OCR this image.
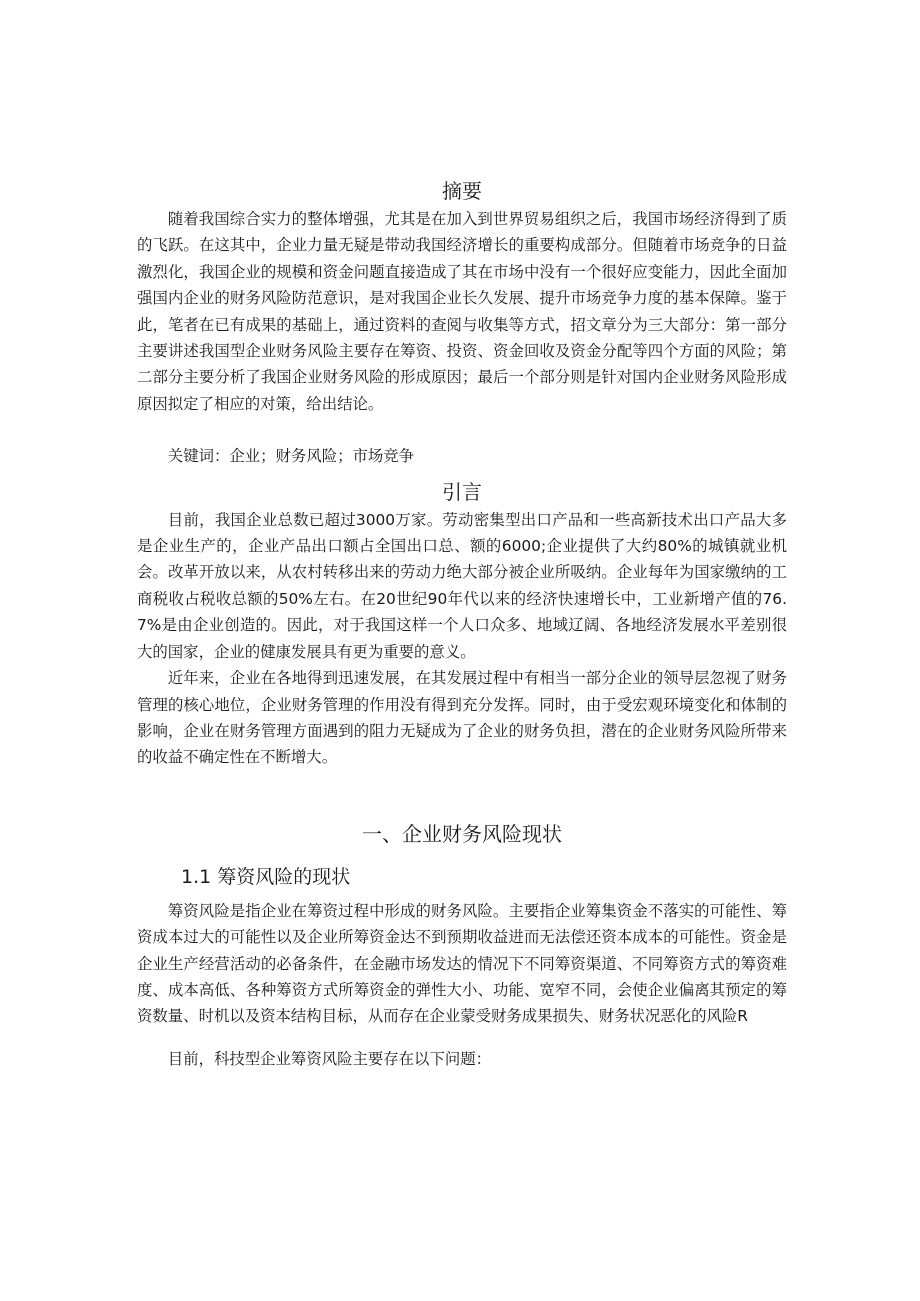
摘要

随着我国综合实力的整体增强，尤其是在加入到世界贸易组织之后，我国市场经济得到了质的飞跃。在这其中，企业力量无疑是带动我国经济增长的重要构成部分。但随着市场竞争的日益激烈化，我国企业的规模和资金问题直接造成了其在市场中没有一个很好应变能力，因此全面加强国内企业的财务风险防范意识，是对我国企业长久发展、提升市场竞争力度的基本保障。鉴于此，笔者在已有成果的基础上，通过资料的查阅与收集等方式，招文章分为三大部分：第一部分主要讲述我国型企业财务风险主要存在筹资、投资、资金回收及资金分配等四个方面的风险；第二部分主要分析了我国企业财务风险的形成原因；最后一个部分则是针对国内企业财务风险形成原因拟定了相应的对策，给出结论。

关键词：企业；财务风险；市场竞争

引言

目前，我国企业总数已超过3000万家。劳动密集型出口产品和一些高新技术出口产品大多是企业生产的，企业产品出口额占全国出口总、额的6000;企业提供了大约80%的城镇就业机会。改革开放以来，从农村转移出来的劳动力绝大部分被企业所吸纳。企业每年为国家缴纳的工商税收占税收总额的50%左右。在20世纪90年代以来的经济快速增长中，工业新增产值的76.7%是由企业创造的。因此，对于我国这样一个人口众多、地域辽阔、各地经济发展水平差别很大的国家，企业的健康发展具有更为重要的意义。

近年来，企业在各地得到迅速发展，在其发展过程中有相当一部分企业的领导层忽视了财务管理的核心地位，企业财务管理的作用没有得到充分发挥。同时，由于受宏观环境变化和体制的影响，企业在财务管理方面遇到的阻力无疑成为了企业的财务负担，潜在的企业财务风险所带来的收益不确定性在不断增大。

一、企业财务风险现状
1.1 筹资风险的现状

筹资风险是指企业在筹资过程中形成的财务风险。主要指企业筹集资金不落实的可能性、筹资成本过大的可能性以及企业所筹资金达不到预期收益进而无法偿还资本成本的可能性。资金是企业生产经营活动的必备条件，在金融市场发达的情况下不同筹资渠道、不同筹资方式的筹资难度、成本高低、各种筹资方式所筹资金的弹性大小、功能、宽窄不同，会使企业偏离其预定的筹资数量、时机以及资本结构目标，从而存在企业蒙受财务成果损失、财务状况恶化的风险R

目前，科技型企业筹资风险主要存在以下问题：
